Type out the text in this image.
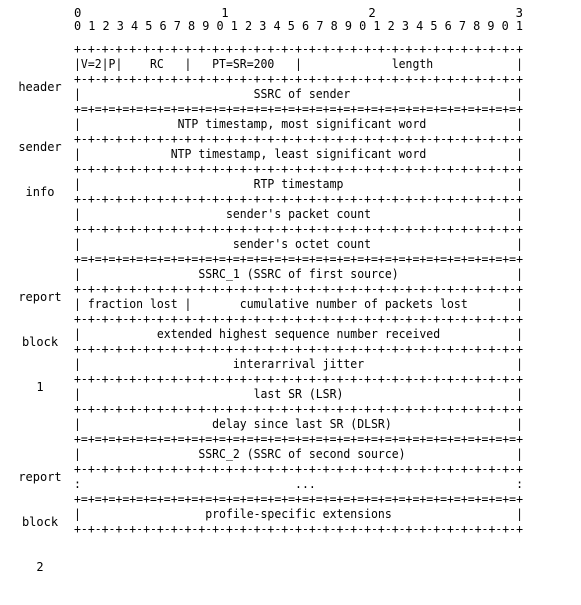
0                   1                   2                   3
0 1 2 3 4 5 6 7 8 9 0 1 2 3 4 5 6 7 8 9 0 1 2 3 4 5 6 7 8 9 0 1

header

sender

info

report

block

1

report

block

2

+-+-+-+-+-+-+-+-+-+-+-+-+-+-+-+-+-+-+-+-+-+-+-+-+-+-+-+-+-+-+-+-+
|V=2|P|    RC   |   PT=SR=200   |             length            |
+-+-+-+-+-+-+-+-+-+-+-+-+-+-+-+-+-+-+-+-+-+-+-+-+-+-+-+-+-+-+-+-+
|                         SSRC of sender                        |
+=+=+=+=+=+=+=+=+=+=+=+=+=+=+=+=+=+=+=+=+=+=+=+=+=+=+=+=+=+=+=+=+
|              NTP timestamp, most significant word             |
+-+-+-+-+-+-+-+-+-+-+-+-+-+-+-+-+-+-+-+-+-+-+-+-+-+-+-+-+-+-+-+-+
|             NTP timestamp, least significant word             |
+-+-+-+-+-+-+-+-+-+-+-+-+-+-+-+-+-+-+-+-+-+-+-+-+-+-+-+-+-+-+-+-+
|                         RTP timestamp                         |
+-+-+-+-+-+-+-+-+-+-+-+-+-+-+-+-+-+-+-+-+-+-+-+-+-+-+-+-+-+-+-+-+
|                     sender's packet count                     |
+-+-+-+-+-+-+-+-+-+-+-+-+-+-+-+-+-+-+-+-+-+-+-+-+-+-+-+-+-+-+-+-+
|                      sender's octet count                     |
+=+=+=+=+=+=+=+=+=+=+=+=+=+=+=+=+=+=+=+=+=+=+=+=+=+=+=+=+=+=+=+=+
|                 SSRC_1 (SSRC of first source)                 |
+-+-+-+-+-+-+-+-+-+-+-+-+-+-+-+-+-+-+-+-+-+-+-+-+-+-+-+-+-+-+-+-+
| fraction lost |       cumulative number of packets lost       |
+-+-+-+-+-+-+-+-+-+-+-+-+-+-+-+-+-+-+-+-+-+-+-+-+-+-+-+-+-+-+-+-+
|           extended highest sequence number received           |
+-+-+-+-+-+-+-+-+-+-+-+-+-+-+-+-+-+-+-+-+-+-+-+-+-+-+-+-+-+-+-+-+
|                      interarrival jitter                      |
+-+-+-+-+-+-+-+-+-+-+-+-+-+-+-+-+-+-+-+-+-+-+-+-+-+-+-+-+-+-+-+-+
|                         last SR (LSR)                         |
+-+-+-+-+-+-+-+-+-+-+-+-+-+-+-+-+-+-+-+-+-+-+-+-+-+-+-+-+-+-+-+-+
|                   delay since last SR (DLSR)                  |
+=+=+=+=+=+=+=+=+=+=+=+=+=+=+=+=+=+=+=+=+=+=+=+=+=+=+=+=+=+=+=+=+
|                 SSRC_2 (SSRC of second source)                |
+-+-+-+-+-+-+-+-+-+-+-+-+-+-+-+-+-+-+-+-+-+-+-+-+-+-+-+-+-+-+-+-+
:                               ...                             :
+=+=+=+=+=+=+=+=+=+=+=+=+=+=+=+=+=+=+=+=+=+=+=+=+=+=+=+=+=+=+=+=+
|                  profile-specific extensions                  |
+-+-+-+-+-+-+-+-+-+-+-+-+-+-+-+-+-+-+-+-+-+-+-+-+-+-+-+-+-+-+-+-+
